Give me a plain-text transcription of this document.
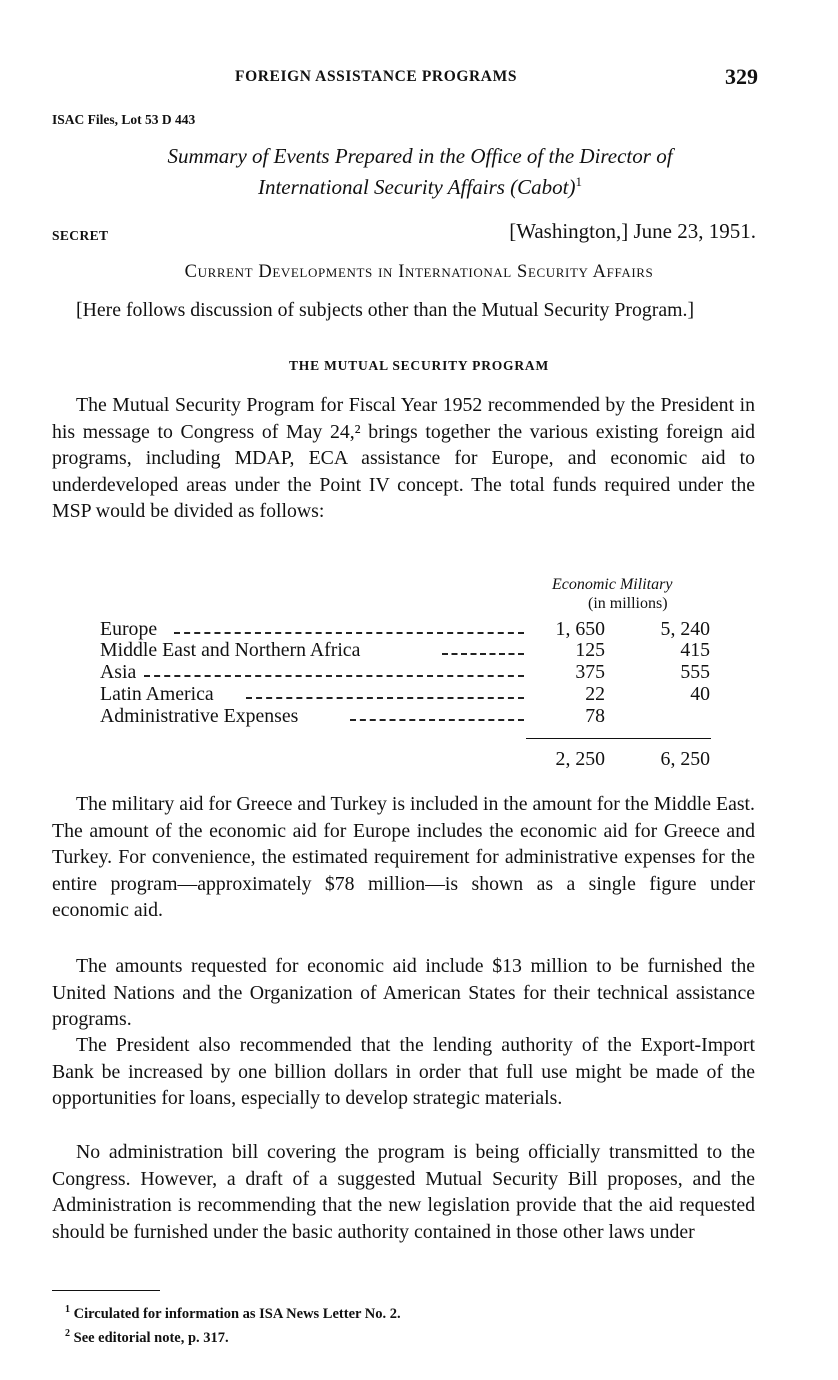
FOREIGN ASSISTANCE PROGRAMS	329
ISAC Files, Lot 53 D 443
Summary of Events Prepared in the Office of the Director of
International Security Affairs (Cabot)$^1$
SECRET	[Washington,] June 23, 1951.
Current Developments in International Security Affairs

[Here follows discussion of subjects other than the Mutual Security Program.]

THE MUTUAL SECURITY PROGRAM

The Mutual Security Program for Fiscal Year 1952 recommended by the President in his message to Congress of May 24,² brings together the various existing foreign aid programs, including MDAP, ECA assistance for Europe, and economic aid to underdeveloped areas under the Point IV concept. The total funds required under the MSP would be divided as follows:

Economic Military
(in millions)
Europe	1, 650	5, 240
Middle East and Northern Africa	125	415
Asia	375	555
Latin America	22	40
Administrative Expenses	78
2, 250	6, 250

The military aid for Greece and Turkey is included in the amount for the Middle East. The amount of the economic aid for Europe includes the economic aid for Greece and Turkey. For convenience, the estimated requirement for administrative expenses for the entire program—approximately $78 million—is shown as a single figure under economic aid.

The amounts requested for economic aid include $13 million to be furnished the United Nations and the Organization of American States for their technical assistance programs.

The President also recommended that the lending authority of the Export-Import Bank be increased by one billion dollars in order that full use might be made of the opportunities for loans, especially to develop strategic materials.

No administration bill covering the program is being officially transmitted to the Congress. However, a draft of a suggested Mutual Security Bill proposes, and the Administration is recommending that the new legislation provide that the aid requested should be furnished under the basic authority contained in those other laws under

$^1$ Circulated for information as ISA News Letter No. 2.
$^2$ See editorial note, p. 317.
